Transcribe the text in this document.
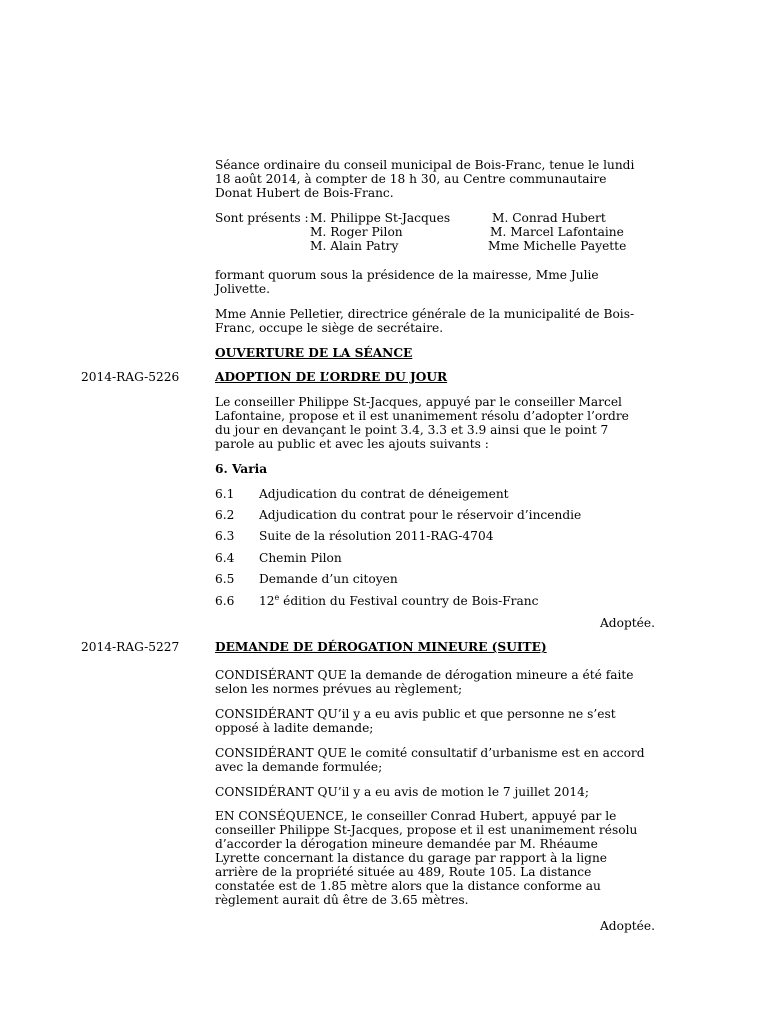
Séance ordinaire du conseil municipal de Bois-Franc, tenue le lundi
18 août 2014, à compter de 18 h 30, au Centre communautaire
Donat Hubert de Bois-Franc.
Sont présents : M. Philippe St-Jacques
M. Roger Pilon
M. Alain Patry
M. Conrad Hubert
M. Marcel Lafontaine
Mme Michelle Payette
formant quorum sous la présidence de la mairesse, Mme Julie
Jolivette.
Mme Annie Pelletier, directrice générale de la municipalité de Bois-
Franc, occupe le siège de secrétaire.
OUVERTURE DE LA SÉANCE
2014-RAG-5226	ADOPTION DE L’ORDRE DU JOUR
Le conseiller Philippe St-Jacques, appuyé par le conseiller Marcel
Lafontaine, propose et il est unanimement résolu d’adopter l’ordre
du jour en devançant le point 3.4, 3.3 et 3.9 ainsi que le point 7
parole au public et avec les ajouts suivants :
6. Varia
6.1 Adjudication du contrat de déneigement
6.2 Adjudication du contrat pour le réservoir d’incendie
6.3 Suite de la résolution 2011-RAG-4704
6.4 Chemin Pilon
6.5 Demande d’un citoyen
6.6 12e édition du Festival country de Bois-Franc
Adoptée.
2014-RAG-5227	DEMANDE DE DÉROGATION MINEURE (SUITE)
CONDISÉRANT QUE la demande de dérogation mineure a été faite
selon les normes prévues au règlement;
CONSIDÉRANT QU’il y a eu avis public et que personne ne s’est
opposé à ladite demande;
CONSIDÉRANT QUE le comité consultatif d’urbanisme est en accord
avec la demande formulée;
CONSIDÉRANT QU’il y a eu avis de motion le 7 juillet 2014;
EN CONSÉQUENCE, le conseiller Conrad Hubert, appuyé par le
conseiller Philippe St-Jacques, propose et il est unanimement résolu
d’accorder la dérogation mineure demandée par M. Rhéaume
Lyrette concernant la distance du garage par rapport à la ligne
arrière de la propriété située au 489, Route 105. La distance
constatée est de 1.85 mètre alors que la distance conforme au
règlement aurait dû être de 3.65 mètres.
Adoptée.
